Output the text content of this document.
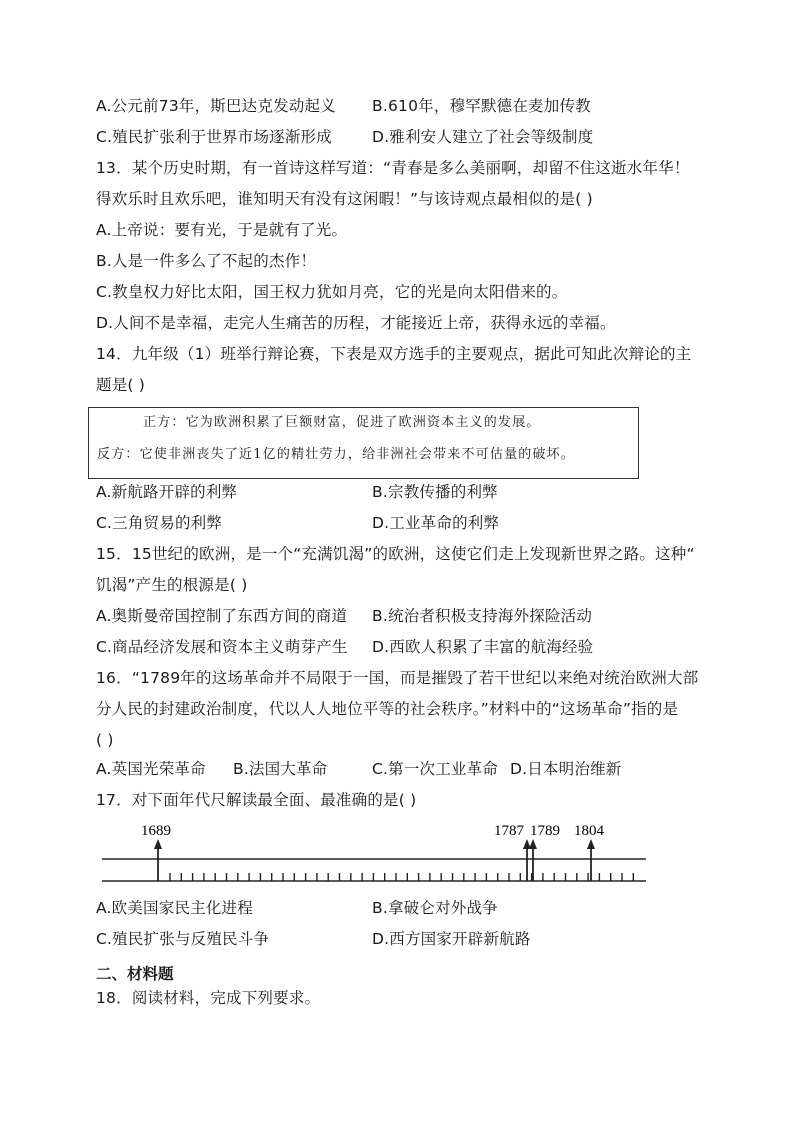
A.公元前73年，斯巴达克发动起义 B.610年，穆罕默德在麦加传教
C.殖民扩张利于世界市场逐渐形成	D.雅利安人建立了社会等级制度
13．某个历史时期，有一首诗这样写道：“青春是多么美丽啊，却留不住这逝水年华！
得欢乐时且欢乐吧，谁知明天有没有这闲暇！”与该诗观点最相似的是( )
A.上帝说：要有光，于是就有了光。
B.人是一件多么了不起的杰作！
C.教皇权力好比太阳，国王权力犹如月亮，它的光是向太阳借来的。
D.人间不是幸福，走完人生痛苦的历程，才能接近上帝，获得永远的幸福。
14．九年级（1）班举行辩论赛，下表是双方选手的主要观点，据此可知此次辩论的主
题是( )
正方：它为欧洲积累了巨额财富，促进了欧洲资本主义的发展。
反方：它使非洲丧失了近1亿的精壮劳力，给非洲社会带来不可估量的破坏。
A.新航路开辟的利弊	B.宗教传播的利弊
C.三角贸易的利弊	D.工业革命的利弊
15．15世纪的欧洲，是一个“充满饥渴”的欧洲，这使它们走上发现新世界之路。这种“
饥渴”产生的根源是( )
A.奥斯曼帝国控制了东西方间的商道 B.统治者积极支持海外探险活动
C.商品经济发展和资本主义萌芽产生 D.西欧人积累了丰富的航海经验
16．“1789年的这场革命并不局限于一国，而是摧毁了若干世纪以来绝对统治欧洲大部
分人民的封建政治制度，代以人人地位平等的社会秩序。”材料中的“这场革命”指的是
( )
A.英国光荣革命 B.法国大革命	C.第一次工业革命 D.日本明治维新
17．对下面年代尺解读最全面、最准确的是( )
1689	1787 1789 1804
A.欧美国家民主化进程	B.拿破仑对外战争
C.殖民扩张与反殖民斗争	D.西方国家开辟新航路
二、材料题
18．阅读材料，完成下列要求。
